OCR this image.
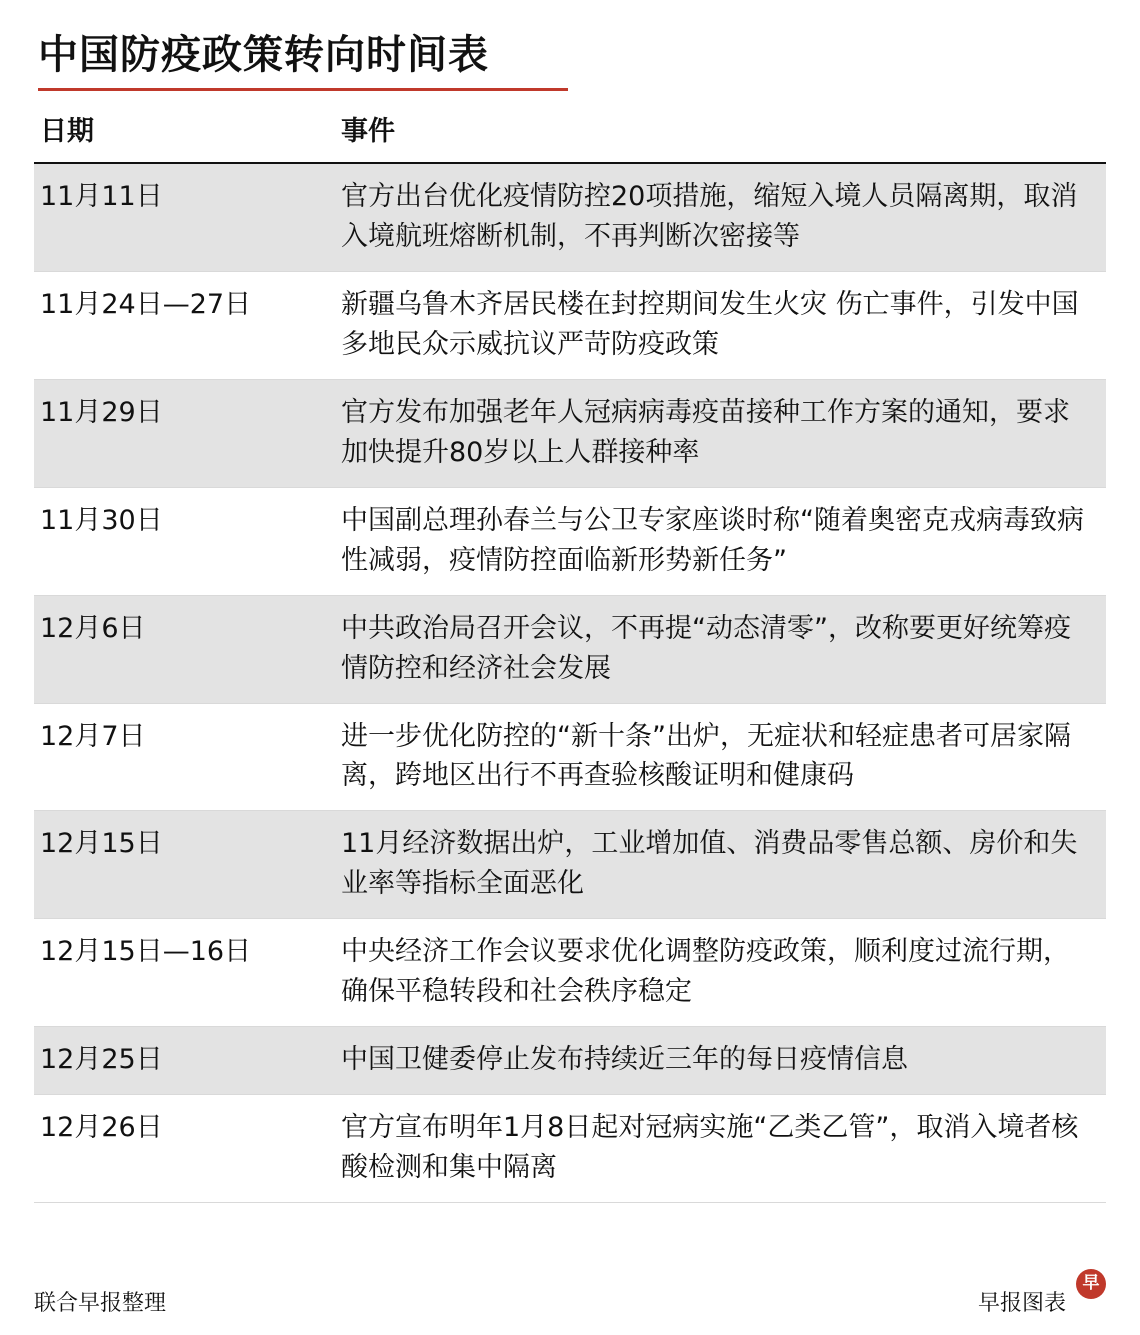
中国防疫政策转向时间表
日期	事件
11月11日	官方出台优化疫情防控20项措施，缩短入境人员隔离期，取消入境航班熔断机制，不再判断次密接等
11月24日—27日	新疆乌鲁木齐居民楼在封控期间发生火灾 伤亡事件，引发中国多地民众示威抗议严苛防疫政策
11月29日	官方发布加强老年人冠病病毒疫苗接种工作方案的通知，要求加快提升80岁以上人群接种率
11月30日	中国副总理孙春兰与公卫专家座谈时称“随着奥密克戎病毒致病性减弱，疫情防控面临新形势新任务”
12月6日	中共政治局召开会议，不再提“动态清零”，改称要更好统筹疫情防控和经济社会发展
12月7日	进一步优化防控的“新十条”出炉，无症状和轻症患者可居家隔离，跨地区出行不再查验核酸证明和健康码
12月15日	11月经济数据出炉，工业增加值、消费品零售总额、房价和失业率等指标全面恶化
12月15日—16日	中央经济工作会议要求优化调整防疫政策，顺利度过流行期，确保平稳转段和社会秩序稳定
12月25日	中国卫健委停止发布持续近三年的每日疫情信息
12月26日	官方宣布明年1月8日起对冠病实施“乙类乙管”，取消入境者核酸检测和集中隔离
联合早报整理	早报图表
早
